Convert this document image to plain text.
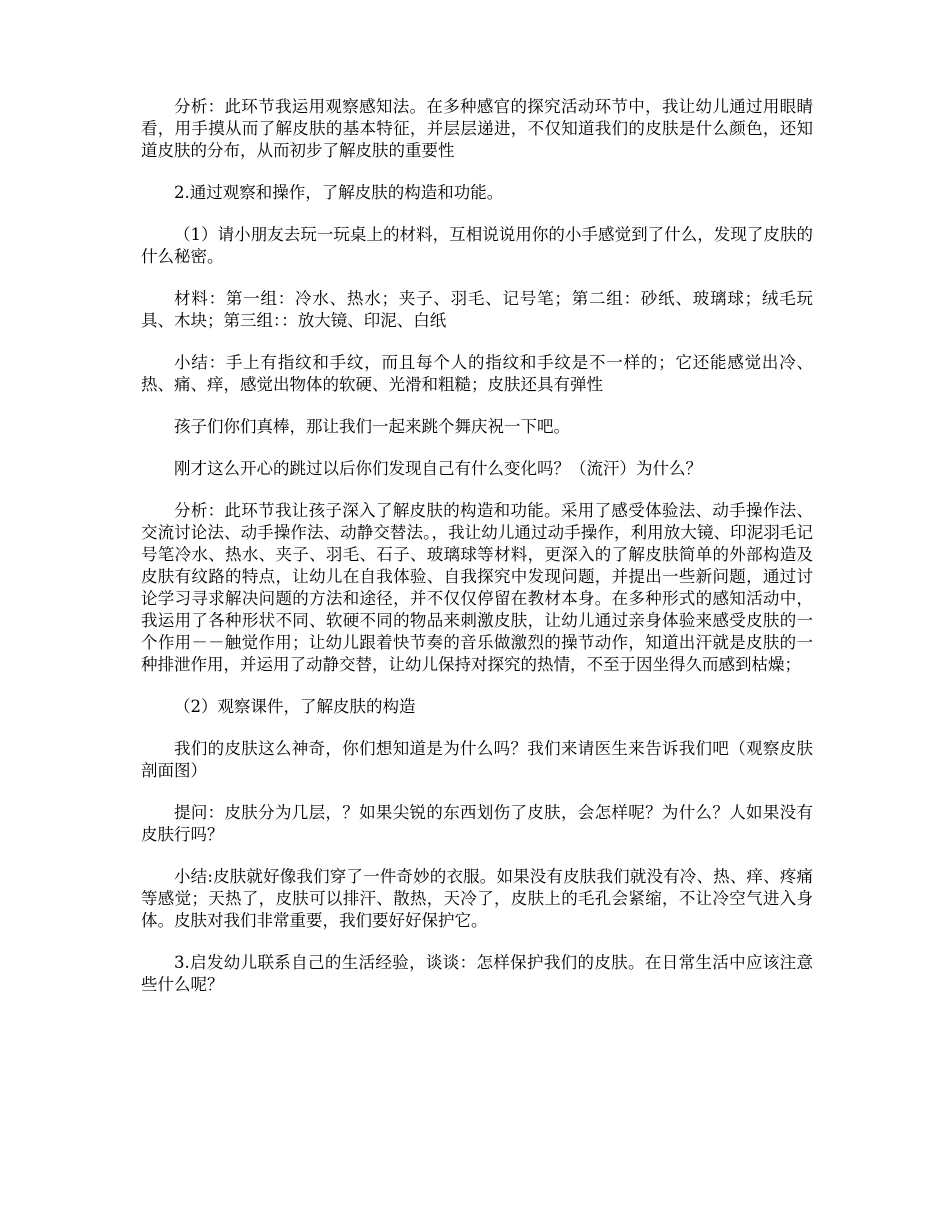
分析：此环节我运用观察感知法。在多种感官的探究活动环节中，我让幼儿通过用眼睛看，用手摸从而了解皮肤的基本特征，并层层递进，不仅知道我们的皮肤是什么颜色，还知道皮肤的分布，从而初步了解皮肤的重要性

2.通过观察和操作，了解皮肤的构造和功能。

（1）请小朋友去玩一玩桌上的材料，互相说说用你的小手感觉到了什么，发现了皮肤的什么秘密。

材料：第一组：冷水、热水；夹子、羽毛、记号笔；第二组：砂纸、玻璃球；绒毛玩具、木块；第三组：：放大镜、印泥、白纸

小结：手上有指纹和手纹，而且每个人的指纹和手纹是不一样的；它还能感觉出冷、热、痛、痒，感觉出物体的软硬、光滑和粗糙；皮肤还具有弹性

孩子们你们真棒，那让我们一起来跳个舞庆祝一下吧。

刚才这么开心的跳过以后你们发现自己有什么变化吗？（流汗）为什么？

分析：此环节我让孩子深入了解皮肤的构造和功能。采用了感受体验法、动手操作法、交流讨论法、动手操作法、动静交替法。，我让幼儿通过动手操作，利用放大镜、印泥羽毛记号笔冷水、热水、夹子、羽毛、石子、玻璃球等材料，更深入的了解皮肤简单的外部构造及皮肤有纹路的特点，让幼儿在自我体验、自我探究中发现问题，并提出一些新问题，通过讨论学习寻求解决问题的方法和途径，并不仅仅停留在教材本身。在多种形式的感知活动中，我运用了各种形状不同、软硬不同的物品来刺激皮肤，让幼儿通过亲身体验来感受皮肤的一个作用－－触觉作用；让幼儿跟着快节奏的音乐做激烈的操节动作，知道出汗就是皮肤的一种排泄作用，并运用了动静交替，让幼儿保持对探究的热情，不至于因坐得久而感到枯燥；

（2）观察课件，了解皮肤的构造

我们的皮肤这么神奇，你们想知道是为什么吗？我们来请医生来告诉我们吧（观察皮肤剖面图）

提问：皮肤分为几层，？如果尖锐的东西划伤了皮肤，会怎样呢？为什么？人如果没有皮肤行吗？

小结:皮肤就好像我们穿了一件奇妙的衣服。如果没有皮肤我们就没有冷、热、痒、疼痛等感觉；天热了，皮肤可以排汗、散热，天冷了，皮肤上的毛孔会紧缩，不让冷空气进入身体。皮肤对我们非常重要，我们要好好保护它。

3.启发幼儿联系自己的生活经验，谈谈：怎样保护我们的皮肤。在日常生活中应该注意些什么呢？
